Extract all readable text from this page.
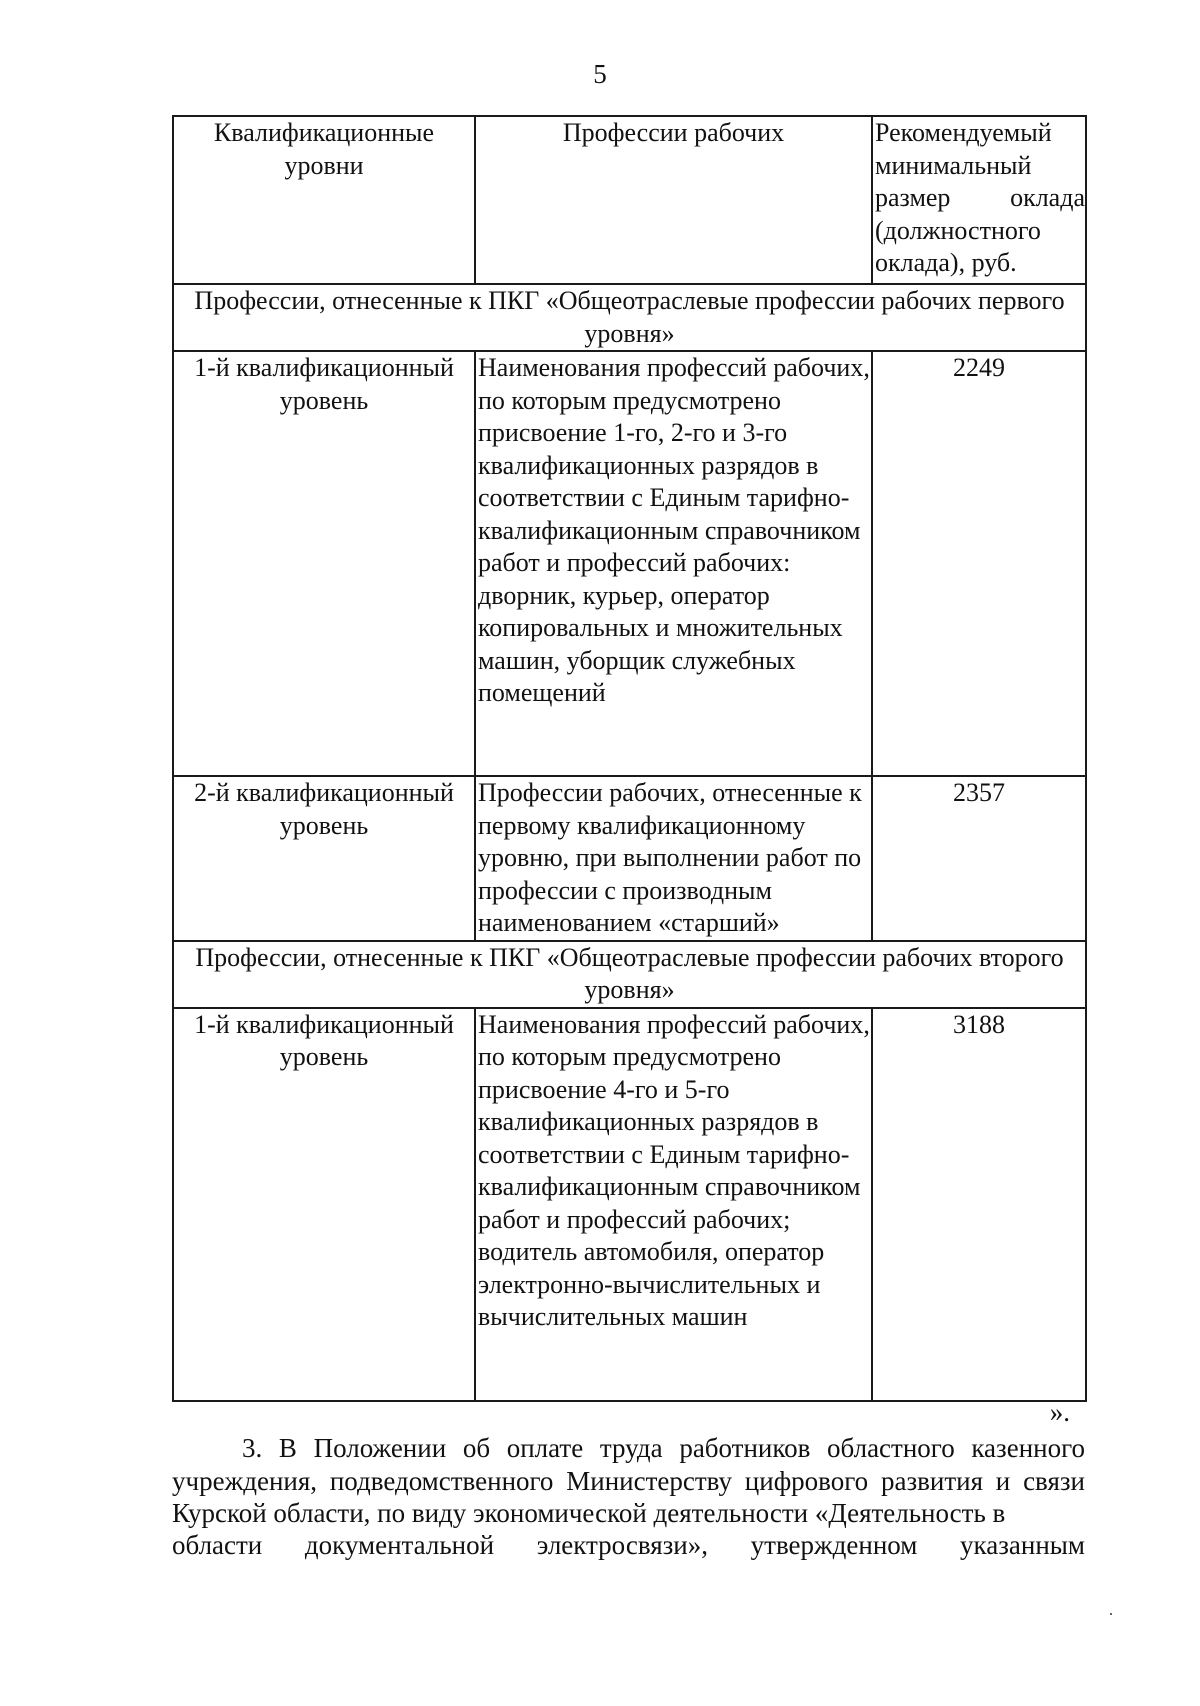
5
Квалификационные уровни	Профессии рабочих	Рекомендуемый минимальный размер оклада (должностного оклада), руб.
Профессии, отнесенные к ПКГ «Общеотраслевые профессии рабочих первого уровня»		
1-й квалификационный уровень	Наименования профессий рабочих, по которым предусмотрено присвоение 1-го, 2-го и 3-го квалификационных разрядов в соответствии с Единым тарифно-квалификационным справочником работ и профессий рабочих: дворник, курьер, оператор копировальных и множительных машин, уборщик служебных помещений	2249
2-й квалификационный уровень	Профессии рабочих, отнесенные к первому квалификационному уровню, при выполнении работ по профессии с производным наименованием «старший»	2357
Профессии, отнесенные к ПКГ «Общеотраслевые профессии рабочих второго уровня»		
1-й квалификационный уровень	Наименования профессий рабочих, по которым предусмотрено присвоение 4-го и 5-го квалификационных разрядов в соответствии с Единым тарифно-квалификационным справочником работ и профессий рабочих; водитель автомобиля, оператор электронно-вычислительных и вычислительных машин	3188
».

3. В Положении об оплате труда работников областного казенного учреждения, подведомственного Министерству цифрового развития и связи Курской области, по виду экономической деятельности «Деятельность в

области документальной электросвязи», утвержденном указанным
